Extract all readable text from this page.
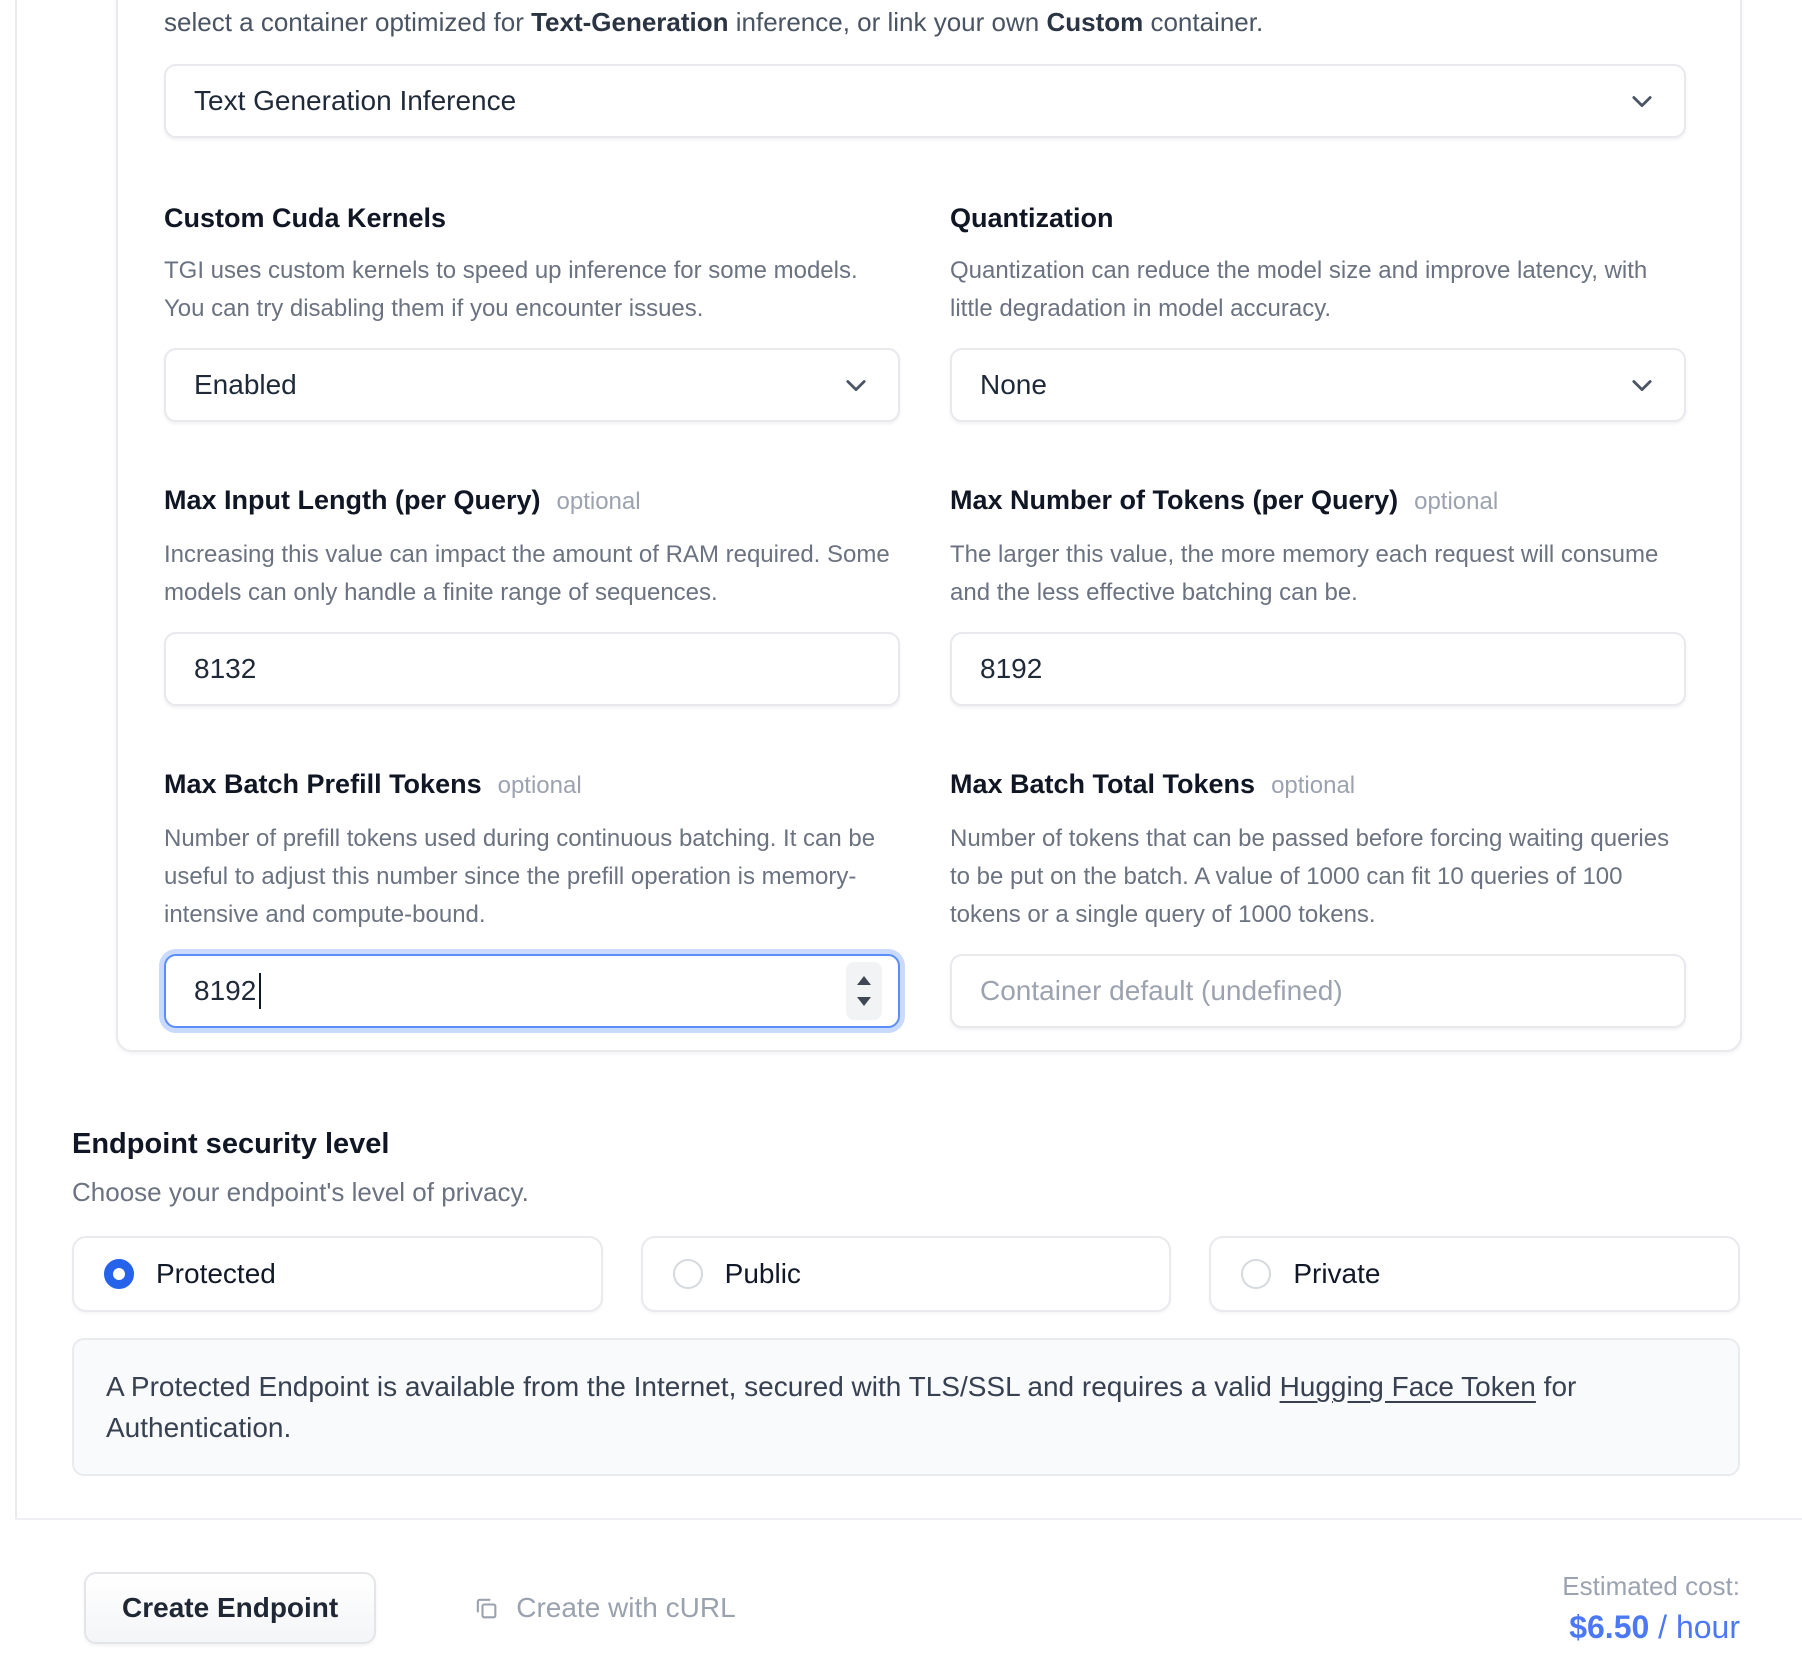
select a container optimized for Text-Generation inference, or link your own Custom container.
Text Generation Inference
Custom Cuda Kernels

TGI uses custom kernels to speed up inference for some models. You can try disabling them if you encounter issues.

Enabled
Quantization

Quantization can reduce the model size and improve latency, with little degradation in model accuracy.

None
Max Input Length (per Query) optional

Increasing this value can impact the amount of RAM required. Some models can only handle a finite range of sequences.

8132
Max Number of Tokens (per Query) optional

The larger this value, the more memory each request will consume and the less effective batching can be.

8192
Max Batch Prefill Tokens optional

Number of prefill tokens used during continuous batching. It can be useful to adjust this number since the prefill operation is memory-intensive and compute-bound.

8192
Max Batch Total Tokens optional

Number of tokens that can be passed before forcing waiting queries to be put on the batch. A value of 1000 can fit 10 queries of 100 tokens or a single query of 1000 tokens.

Container default (undefined)
Endpoint security level
Choose your endpoint's level of privacy.
Protected	Public	Private
A Protected Endpoint is available from the Internet, secured with TLS/SSL and requires a valid Hugging Face Token for Authentication.
Create Endpoint	Create with cURL
Estimated cost:
$6.50 / hour
